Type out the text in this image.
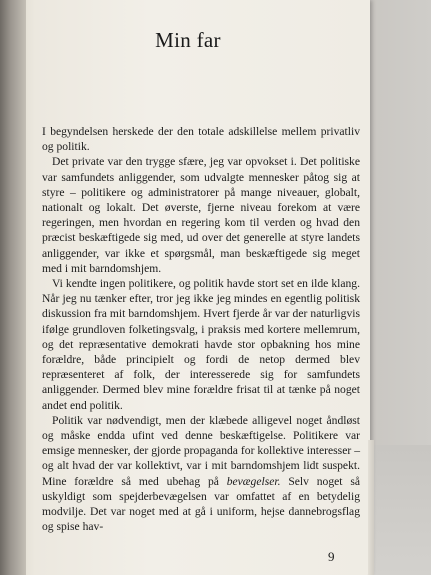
Min far

I begyndelsen herskede der den totale adskillelse mellem privatliv og politik.

Det private var den trygge sfære, jeg var opvokset i. Det politiske var samfundets anliggender, som udvalgte mennesker påtog sig at styre – politikere og administratorer på mange niveauer, globalt, nationalt og lokalt. Det øverste, fjerne niveau forekom at være regeringen, men hvordan en regering kom til verden og hvad den præcist beskæftigede sig med, ud over det generelle at styre landets anliggender, var ikke et spørgsmål, man beskæftigede sig meget med i mit barndomshjem.

Vi kendte ingen politikere, og politik havde stort set en ilde klang. Når jeg nu tænker efter, tror jeg ikke jeg mindes en egentlig politisk diskussion fra mit barndomshjem. Hvert fjerde år var der naturligvis ifølge grundloven folketingsvalg, i praksis med kortere mellemrum, og det repræsentative demokrati havde stor opbakning hos mine forældre, både principielt og fordi de netop dermed blev repræsenteret af folk, der interesserede sig for samfundets anliggender. Dermed blev mine forældre frisat til at tænke på noget andet end politik.

Politik var nødvendigt, men der klæbede alligevel noget åndløst og måske endda ufint ved denne beskæftigelse. Politikere var emsige mennesker, der gjorde propaganda for kollektive interesser – og alt hvad der var kollektivt, var i mit barndomshjem lidt suspekt. Mine forældre så med ubehag på bevægelser. Selv noget så uskyldigt som spejderbevægelsen var omfattet af en betydelig modvilje. Det var noget med at gå i uniform, hejse dannebrogsflag og spise hav-

9
